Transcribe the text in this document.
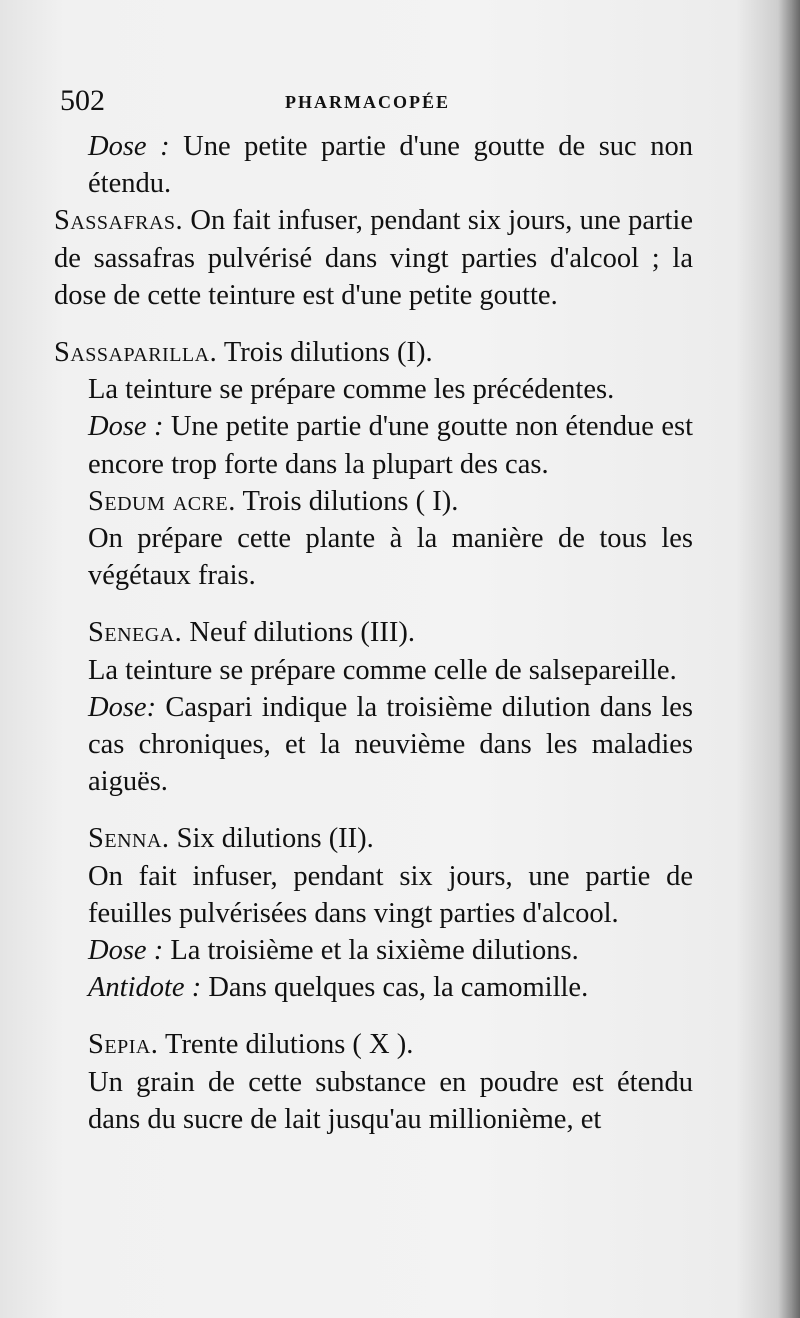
502	PHARMACOPÉE

Dose : Une petite partie d'une goutte de suc non étendu.

Sassafras. On fait infuser, pendant six jours, une partie de sassafras pulvérisé dans vingt parties d'alcool ; la dose de cette teinture est d'une petite goutte.

Sassaparilla. Trois dilutions (I).

La teinture se prépare comme les précédentes.

Dose : Une petite partie d'une goutte non étendue est encore trop forte dans la plupart des cas.

Sedum acre. Trois dilutions ( I).

On prépare cette plante à la manière de tous les végétaux frais.

Senega. Neuf dilutions (III).

La teinture se prépare comme celle de salsepareille.

Dose: Caspari indique la troisième dilution dans les cas chroniques, et la neuvième dans les maladies aiguës.

Senna. Six dilutions (II).

On fait infuser, pendant six jours, une partie de feuilles pulvérisées dans vingt parties d'alcool.

Dose : La troisième et la sixième dilutions.

Antidote : Dans quelques cas, la camomille.

Sepia. Trente dilutions ( X ).

Un grain de cette substance en poudre est étendu dans du sucre de lait jusqu'au millionième, et
